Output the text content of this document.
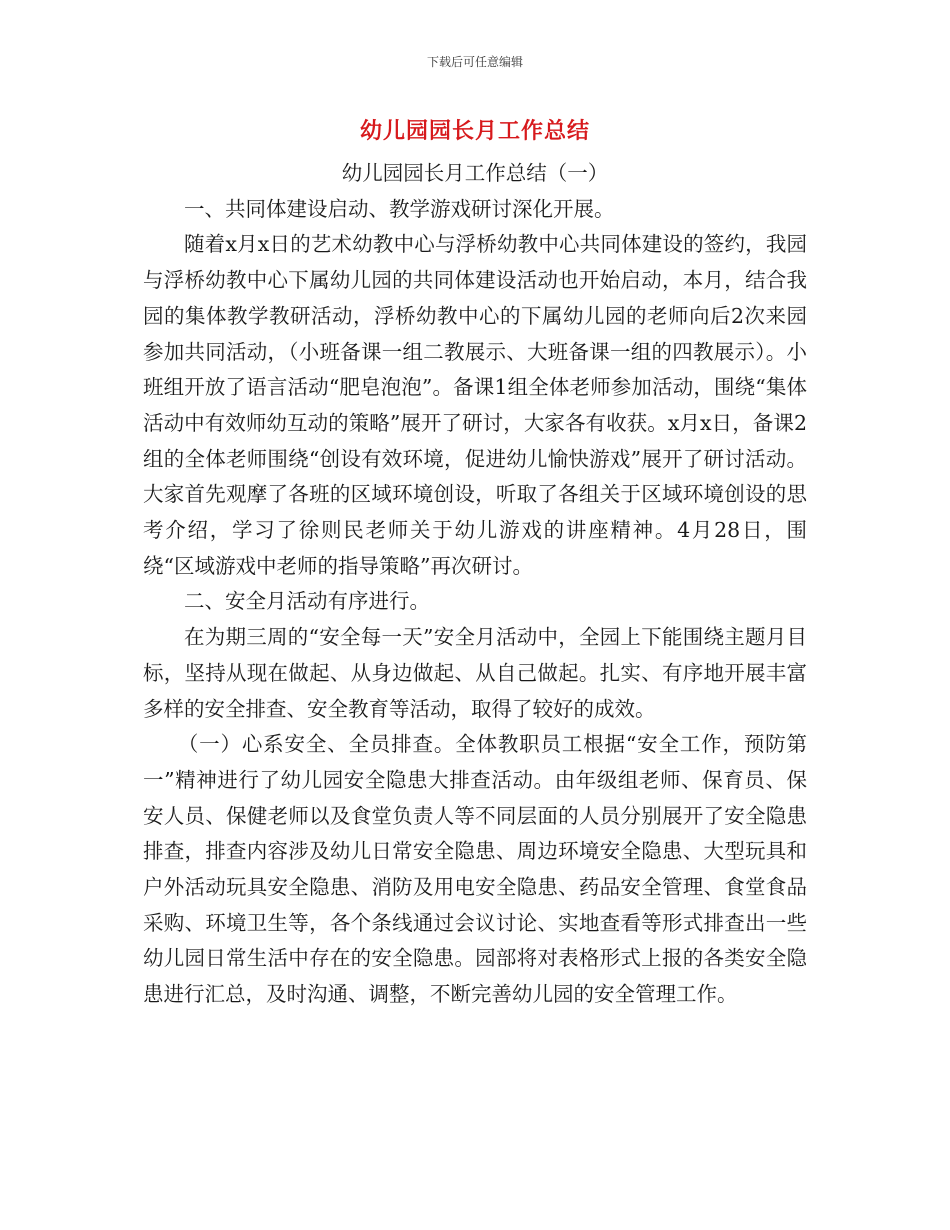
下载后可任意编辑
幼儿园园长月工作总结

幼儿园园长月工作总结（一）

一、共同体建设启动、教学游戏研讨深化开展。

随着x月x日的艺术幼教中心与浮桥幼教中心共同体建设的签约，我园与浮桥幼教中心下属幼儿园的共同体建设活动也开始启动，本月，结合我园的集体教学教研活动，浮桥幼教中心的下属幼儿园的老师向后2次来园参加共同活动，（小班备课一组二教展示、大班备课一组的四教展示）。小班组开放了语言活动“肥皂泡泡”。备课1组全体老师参加活动，围绕“集体活动中有效师幼互动的策略”展开了研讨，大家各有收获。x月x日，备课2组的全体老师围绕“创设有效环境，促进幼儿愉快游戏”展开了研讨活动。大家首先观摩了各班的区域环境创设，听取了各组关于区域环境创设的思考介绍，学习了徐则民老师关于幼儿游戏的讲座精神。4月28日，围绕“区域游戏中老师的指导策略”再次研讨。

二、安全月活动有序进行。

在为期三周的“安全每一天”安全月活动中，全园上下能围绕主题月目标，坚持从现在做起、从身边做起、从自己做起。扎实、有序地开展丰富多样的安全排查、安全教育等活动，取得了较好的成效。

（一）心系安全、全员排查。全体教职员工根据“安全工作，预防第一”精神进行了幼儿园安全隐患大排查活动。由年级组老师、保育员、保安人员、保健老师以及食堂负责人等不同层面的人员分别展开了安全隐患排查，排查内容涉及幼儿日常安全隐患、周边环境安全隐患、大型玩具和户外活动玩具安全隐患、消防及用电安全隐患、药品安全管理、食堂食品采购、环境卫生等，各个条线通过会议讨论、实地查看等形式排查出一些幼儿园日常生活中存在的安全隐患。园部将对表格形式上报的各类安全隐患进行汇总，及时沟通、调整，不断完善幼儿园的安全管理工作。
